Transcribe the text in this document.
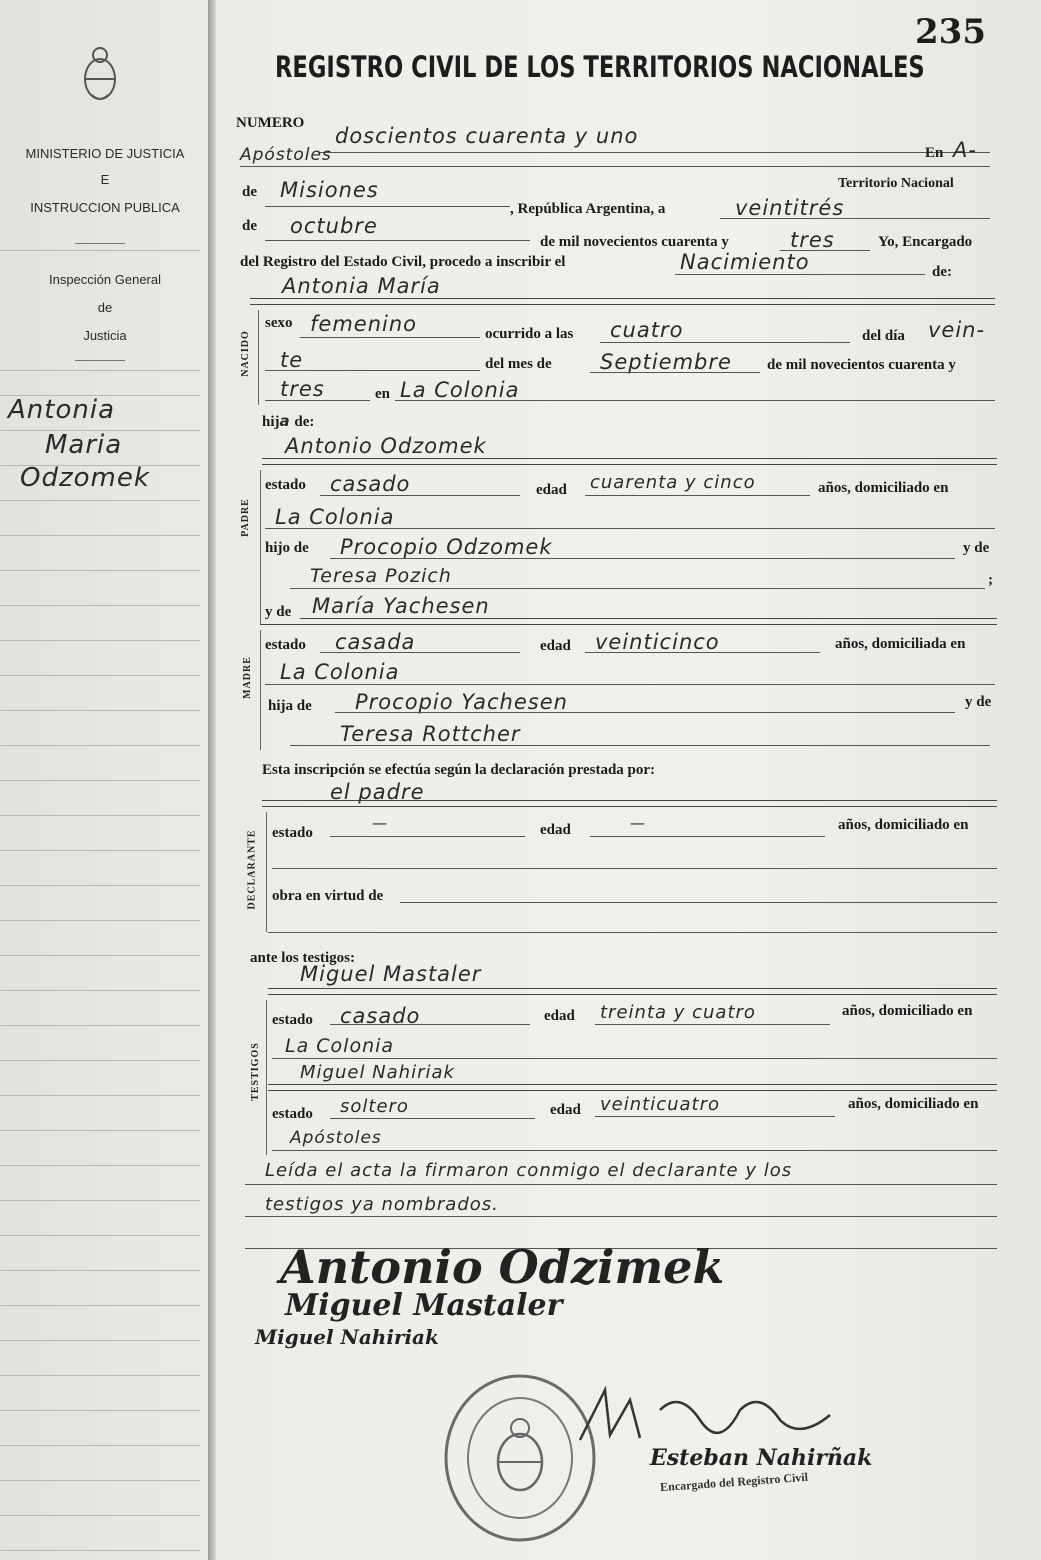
MINISTERIO DE JUSTICIA
E
INSTRUCCION PUBLICA
Inspección General
de
Justicia
Antonia
Maria
Odzomek
235
REGISTRO CIVIL DE LOS TERRITORIOS NACIONALES
NUMERO
doscientos cuarenta y uno
Apóstoles	En A-
Territorio Nacional
de Misiones
, República Argentina, a	veintitrés
de octubre
de mil novecientos cuarenta y	tres	Yo, Encargado
del Registro del Estado Civil, procedo a inscribir el	Nacimiento	de:
Antonia María
NACIDO
sexo femenino	ocurrido a las cuatro	del día vein-
te	del mes de Septiembre de mil novecientos cuarenta y
tres	en La Colonia
hija de:
Antonio Odzomek
PADRE
estado casado	edad cuarenta y cinco	años, domiciliado en
La Colonia
hijo de Procopio Odzomek	y de
Teresa Pozich	;
y de María Yachesen
MADRE
estado casada	edad veinticinco	años, domiciliada en
La Colonia
hija de Procopio Yachesen	y de
Teresa Rottcher
Esta inscripción se efectúa según la declaración prestada por:
el padre
DECLARANTE estado
—	edad	—	años, domiciliado en
obra en virtud de
ante los testigos:
Miguel Mastaler
TESTIGOS
estado casado	edad treinta y cuatro	años, domiciliado en
La Colonia
Miguel Nahiriak
estado soltero	edad veinticuatro	años, domiciliado en
Apóstoles
Leída el acta la firmaron conmigo el declarante y los
testigos ya nombrados.
Antonio Odzimek
Miguel Mastaler
Miguel Nahiriak
Esteban Nahirñak
Encargado del Registro Civil
